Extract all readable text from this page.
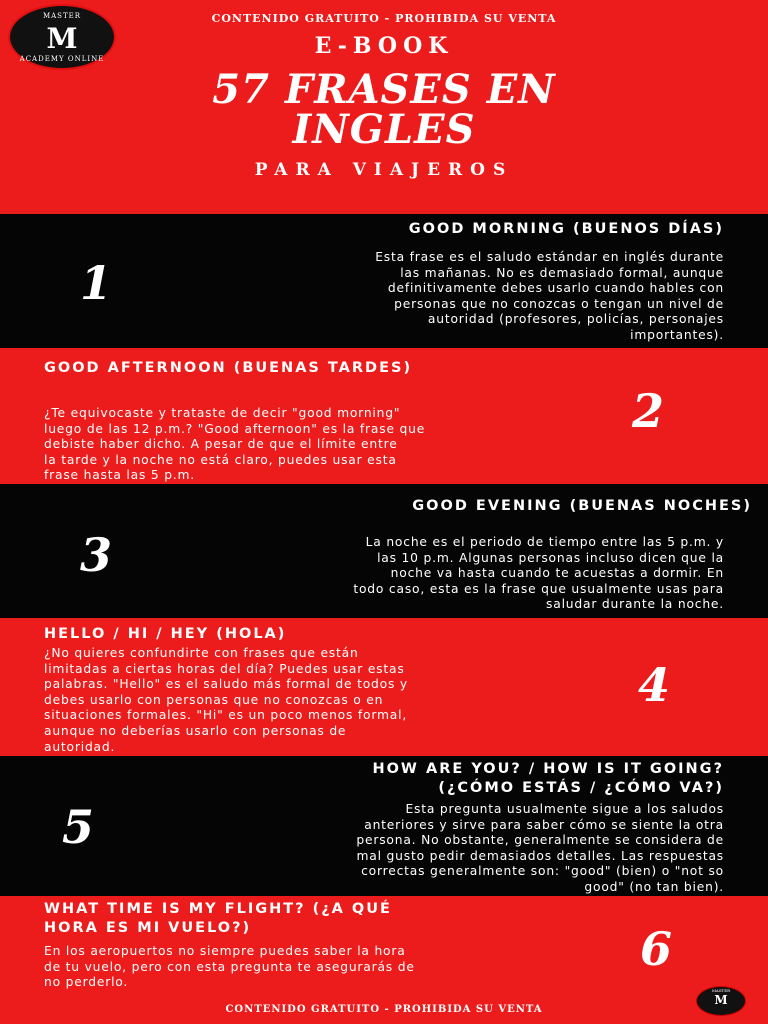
MASTER
M
ACADEMY ONLINE
CONTENIDO GRATUITO - PROHIBIDA SU VENTA
E-BOOK
57 FRASES EN
INGLES
PARA VIAJEROS
GOOD MORNING (BUENOS DÍAS)
1	Esta frase es el saludo estándar en inglés durante
las mañanas. No es demasiado formal, aunque
definitivamente debes usarlo cuando hables con
personas que no conozcas o tengan un nivel de
autoridad (profesores, policías, personajes
importantes).
GOOD AFTERNOON (BUENAS TARDES)
2
¿Te equivocaste y trataste de decir "good morning"
luego de las 12 p.m.? "Good afternoon" es la frase que
debiste haber dicho. A pesar de que el límite entre
la tarde y la noche no está claro, puedes usar esta
frase hasta las 5 p.m.
GOOD EVENING (BUENAS NOCHES)
3	La noche es el periodo de tiempo entre las 5 p.m. y
las 10 p.m. Algunas personas incluso dicen que la
noche va hasta cuando te acuestas a dormir. En
todo caso, esta es la frase que usualmente usas para
saludar durante la noche.
HELLO / HI / HEY (HOLA)
4
¿No quieres confundirte con frases que están
limitadas a ciertas horas del día? Puedes usar estas
palabras. "Hello" es el saludo más formal de todos y
debes usarlo con personas que no conozcas o en
situaciones formales. "Hi" es un poco menos formal,
aunque no deberías usarlo con personas de
autoridad.
HOW ARE YOU? / HOW IS IT GOING?
(¿CÓMO ESTÁS / ¿CÓMO VA?)
5	Esta pregunta usualmente sigue a los saludos
anteriores y sirve para saber cómo se siente la otra
persona. No obstante, generalmente se considera de
mal gusto pedir demasiados detalles. Las respuestas
correctas generalmente son: "good" (bien) o "not so
good" (no tan bien).
WHAT TIME IS MY FLIGHT? (¿A QUÉ
HORA ES MI VUELO?)	6
En los aeropuertos no siempre puedes saber la hora
de tu vuelo, pero con esta pregunta te asegurarás de
no perderlo.
CONTENIDO GRATUITO - PROHIBIDA SU VENTA
MASTER
M
